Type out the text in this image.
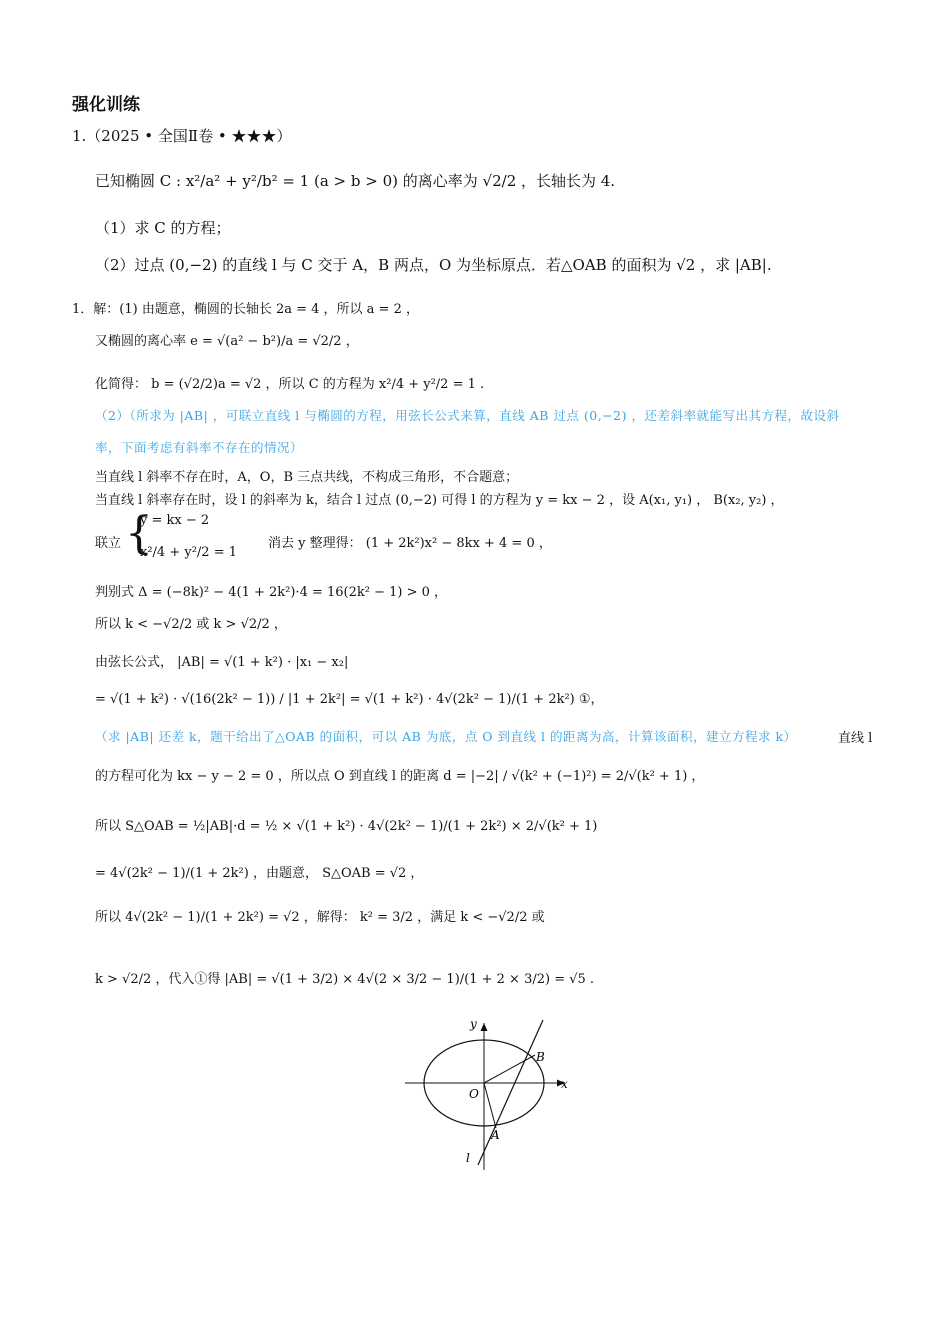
强化训练
1.（2025 • 全国Ⅱ卷 • ★★★）
已知椭圆 C : x²/a² + y²/b² = 1 (a > b > 0) 的离心率为 √2/2 ，长轴长为 4.
（1）求 C 的方程；
（2）过点 (0,−2) 的直线 l 与 C 交于 A，B 两点，O 为坐标原点．若△OAB 的面积为 √2 ，求 |AB|.
1．解：(1) 由题意，椭圆的长轴长 2a = 4 ，所以 a = 2 ，
又椭圆的离心率 e = √(a² − b²)/a = √2/2 ，
化简得： b = (√2/2)a = √2 ，所以 C 的方程为 x²/4 + y²/2 = 1 .
（2）（所求为 |AB| ，可联立直线 l 与椭圆的方程，用弦长公式来算，直线 AB 过点 (0,−2) ，还差斜率就能写出其方程，故设斜
率，下面考虑有斜率不存在的情况）
当直线 l 斜率不存在时，A，O，B 三点共线，不构成三角形，不合题意；
当直线 l 斜率存在时，设 l 的斜率为 k，结合 l 过点 (0,−2) 可得 l 的方程为 y = kx − 2 ，设 A(x₁, y₁) ， B(x₂, y₂) ，
联立 {
y = kx − 2
x²/4 + y²/2 = 1
消去 y 整理得： (1 + 2k²)x² − 8kx + 4 = 0 ，
判别式 Δ = (−8k)² − 4(1 + 2k²)·4 = 16(2k² − 1) > 0 ，
所以 k < −√2/2 或 k > √2/2 ，
由弦长公式， |AB| = √(1 + k²) · |x₁ − x₂|
= √(1 + k²) · √(16(2k² − 1)) / |1 + 2k²| = √(1 + k²) · 4√(2k² − 1)/(1 + 2k²) ①，
（求 |AB| 还差 k，题干给出了△OAB 的面积，可以 AB 为底，点 O 到直线 l 的距离为高，计算该面积，建立方程求 k）	直线 l
的方程可化为 kx − y − 2 = 0 ，所以点 O 到直线 l 的距离 d = |−2| / √(k² + (−1)²) = 2/√(k² + 1) ，
所以 S△OAB = ½|AB|·d = ½ × √(1 + k²) · 4√(2k² − 1)/(1 + 2k²) × 2/√(k² + 1)
= 4√(2k² − 1)/(1 + 2k²) ，由题意， S△OAB = √2 ，
所以 4√(2k² − 1)/(1 + 2k²) = √2 ，解得： k² = 3/2 ，满足 k < −√2/2 或
k > √2/2 ，代入①得 |AB| = √(1 + 3/2) × 4√(2 × 3/2 − 1)/(1 + 2 × 3/2) = √5 .
y
x
O
A
B
l
